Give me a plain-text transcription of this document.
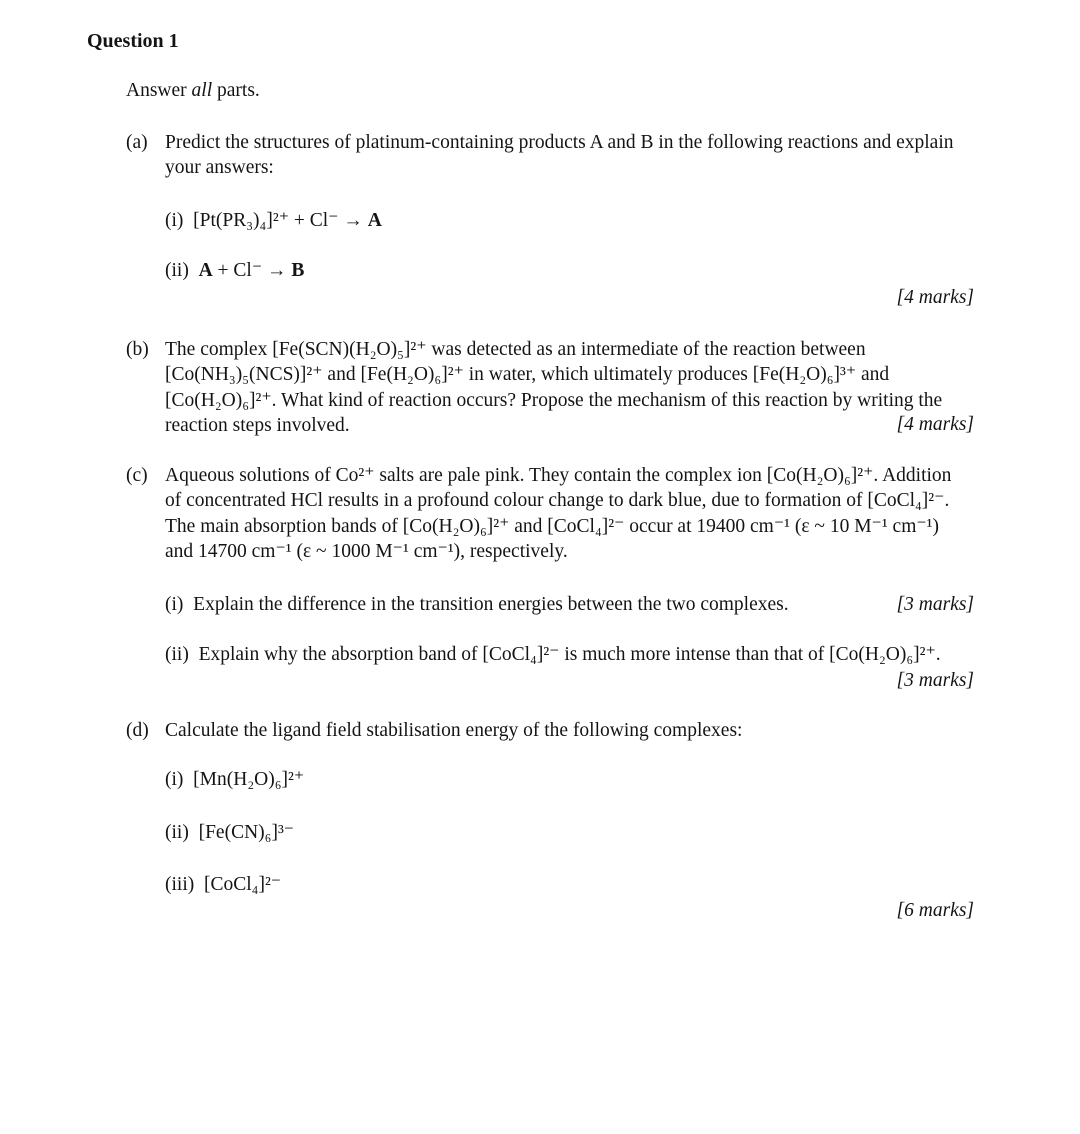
Question 1
Answer all parts.
(a) Predict the structures of platinum-containing products A and B in the following reactions and explain your answers:
(i) [Pt(PR₃)₄]²⁺ + Cl⁻ → A
(ii) A + Cl⁻ → B
[4 marks]
(b) The complex [Fe(SCN)(H₂O)₅]²⁺ was detected as an intermediate of the reaction between [Co(NH₃)₅(NCS)]²⁺ and [Fe(H₂O)₆]²⁺ in water, which ultimately produces [Fe(H₂O)₆]³⁺ and [Co(H₂O)₆]²⁺. What kind of reaction occurs? Propose the mechanism of this reaction by writing the reaction steps involved.	[4 marks]
(c) Aqueous solutions of Co²⁺ salts are pale pink. They contain the complex ion [Co(H₂O)₆]²⁺. Addition of concentrated HCl results in a profound colour change to dark blue, due to formation of [CoCl₄]²⁻. The main absorption bands of [Co(H₂O)₆]²⁺ and [CoCl₄]²⁻ occur at 19400 cm⁻¹ (ε ~ 10 M⁻¹ cm⁻¹) and 14700 cm⁻¹ (ε ~ 1000 M⁻¹ cm⁻¹), respectively.
(i) Explain the difference in the transition energies between the two complexes.	[3 marks]
(ii) Explain why the absorption band of [CoCl₄]²⁻ is much more intense than that of [Co(H₂O)₆]²⁺.
[3 marks]
(d) Calculate the ligand field stabilisation energy of the following complexes:
(i) [Mn(H₂O)₆]²⁺
(ii) [Fe(CN)₆]³⁻
(iii) [CoCl₄]²⁻
[6 marks]
